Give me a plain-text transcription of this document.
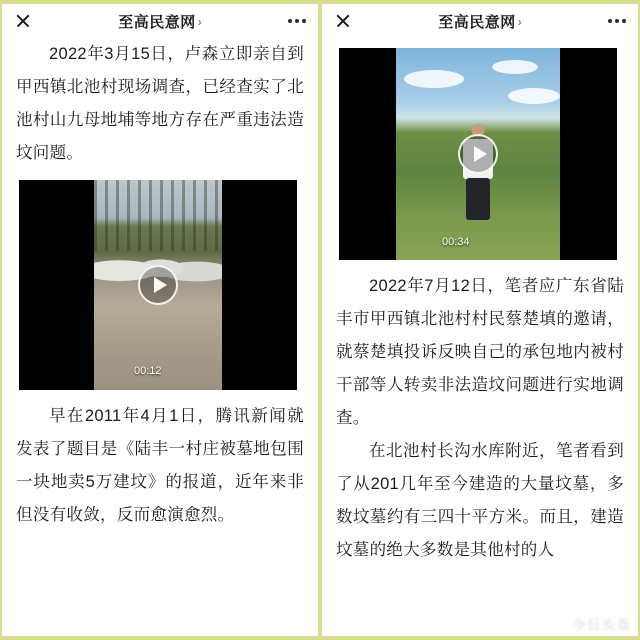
至高民意网 ›

2022年3月15日，卢森立即亲自到甲西镇北池村现场调查，已经查实了北池村山九母地埔等地方存在严重违法造坟问题。

00:12

早在2011年4月1日，腾讯新闻就发表了题目是《陆丰一村庄被墓地包围 一块地卖5万建坟》的报道，近年来非但没有收敛，反而愈演愈烈。

至高民意网 ›
00:34

2022年7月12日，笔者应广东省陆丰市甲西镇北池村村民蔡楚填的邀请，就蔡楚填投诉反映自己的承包地内被村干部等人转卖非法造坟问题进行实地调查。

在北池村长沟水库附近，笔者看到了从201几年至今建造的大量坟墓，多数坟墓约有三四十平方米。而且，建造坟墓的绝大多数是其他村的人

今日头条
